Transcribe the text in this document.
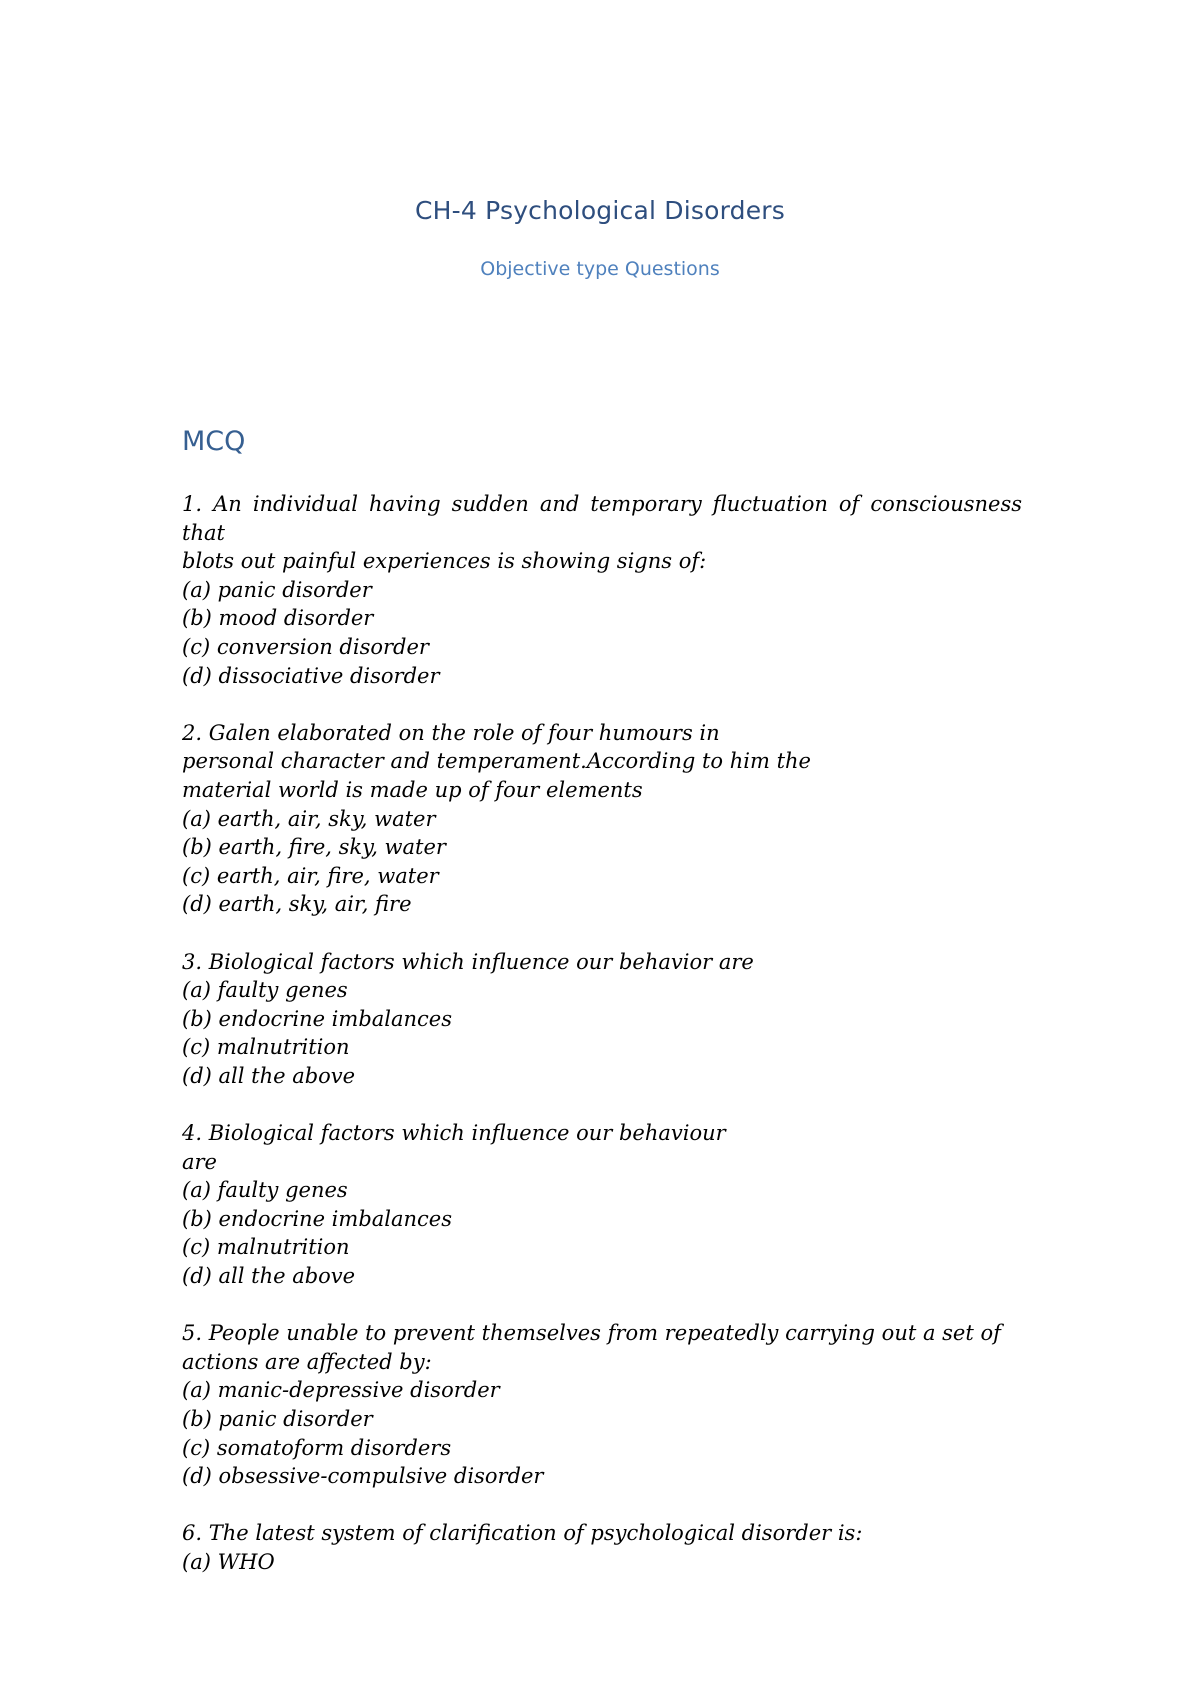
CH-4 Psychological Disorders
Objective type Questions
MCQ
1. An individual having sudden and temporary fluctuation of consciousness that
blots out painful experiences is showing signs of:
(a) panic disorder
(b) mood disorder
(c) conversion disorder
(d) dissociative disorder
2. Galen elaborated on the role of four humours in
personal character and temperament.According to him the
material world is made up of four elements
(a) earth, air, sky, water
(b) earth, fire, sky, water
(c) earth, air, fire, water
(d) earth, sky, air, fire
3. Biological factors which influence our behavior are
(a) faulty genes
(b) endocrine imbalances
(c) malnutrition
(d) all the above
4. Biological factors which influence our behaviour
are
(a) faulty genes
(b) endocrine imbalances
(c) malnutrition
(d) all the above
5. People unable to prevent themselves from repeatedly carrying out a set of
actions are affected by:
(a) manic-depressive disorder
(b) panic disorder
(c) somatoform disorders
(d) obsessive-compulsive disorder
6. The latest system of clarification of psychological disorder is:
(a) WHO
